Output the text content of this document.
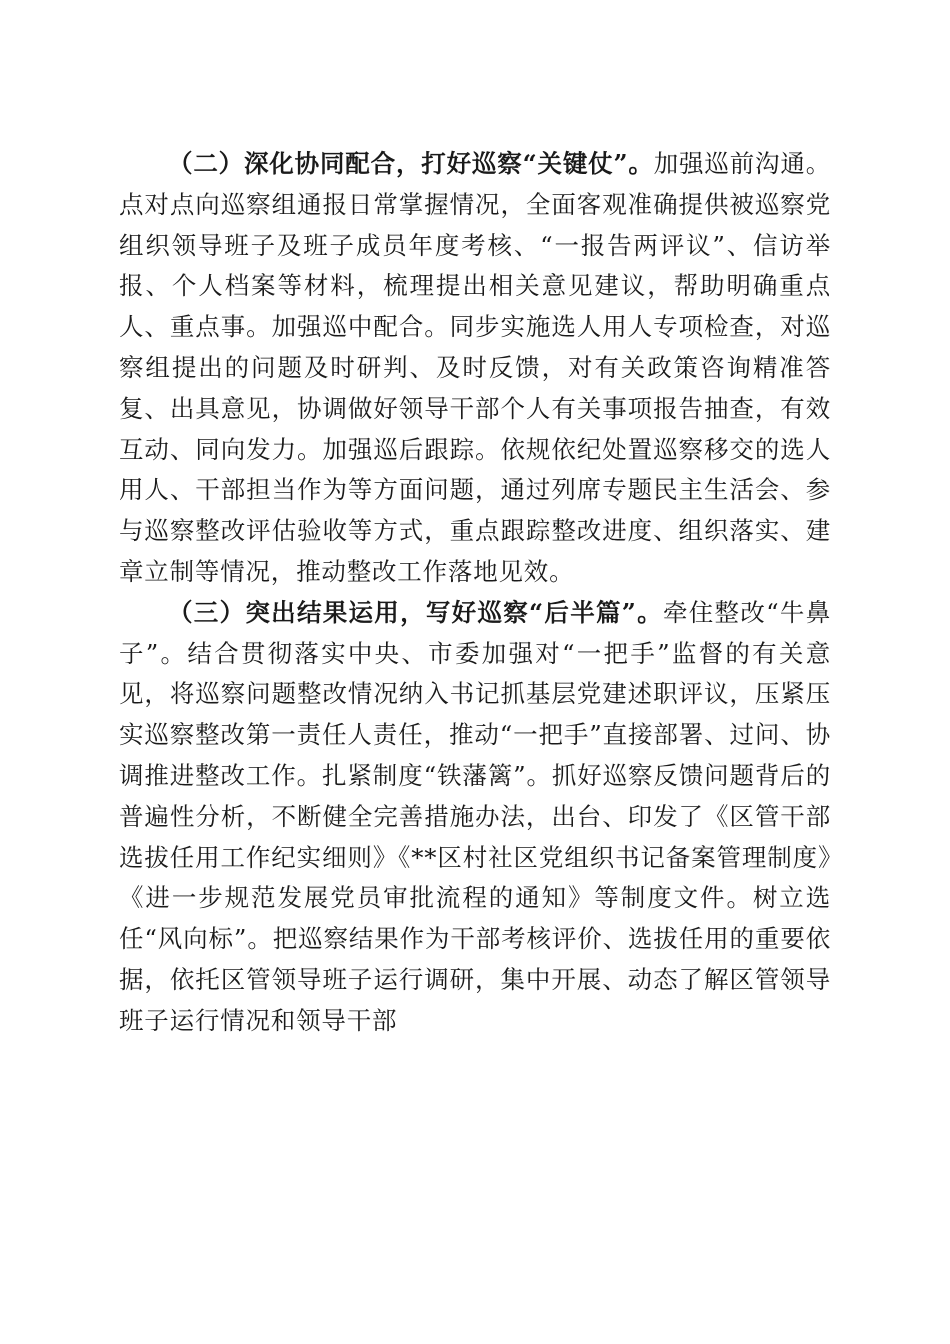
（二）深化协同配合，打好巡察“关键仗”。加强巡前沟通。点对点向巡察组通报日常掌握情况，全面客观准确提供被巡察党组织领导班子及班子成员年度考核、“一报告两评议”、信访举报、个人档案等材料，梳理提出相关意见建议，帮助明确重点人、重点事。加强巡中配合。同步实施选人用人专项检查，对巡察组提出的问题及时研判、及时反馈，对有关政策咨询精准答复、出具意见，协调做好领导干部个人有关事项报告抽查，有效互动、同向发力。加强巡后跟踪。依规依纪处置巡察移交的选人用人、干部担当作为等方面问题，通过列席专题民主生活会、参与巡察整改评估验收等方式，重点跟踪整改进度、组织落实、建章立制等情况，推动整改工作落地见效。

（三）突出结果运用，写好巡察“后半篇”。牵住整改“牛鼻子”。结合贯彻落实中央、市委加强对“一把手”监督的有关意见，将巡察问题整改情况纳入书记抓基层党建述职评议，压紧压实巡察整改第一责任人责任，推动“一把手”直接部署、过问、协调推进整改工作。扎紧制度“铁藩篱”。抓好巡察反馈问题背后的普遍性分析，不断健全完善措施办法，出台、印发了《区管干部选拔任用工作纪实细则》《**区村社区党组织书记备案管理制度》《进一步规范发展党员审批流程的通知》等制度文件。树立选任“风向标”。把巡察结果作为干部考核评价、选拔任用的重要依据，依托区管领导班子运行调研，集中开展、动态了解区管领导班子运行情况和领导干部
